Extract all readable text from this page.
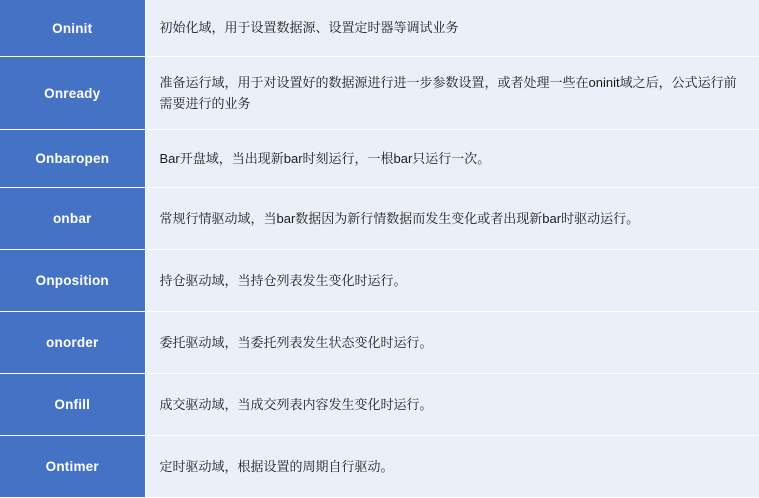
Oninit	初始化域，用于设置数据源、设置定时器等调试业务
Onready	准备运行域，用于对设置好的数据源进行进一步参数设置，或者处理一些在oninit域之后，公式运行前需要进行的业务
Onbaropen	Bar开盘域，当出现新bar时刻运行，一根bar只运行一次。
onbar	常规行情驱动域，当bar数据因为新行情数据而发生变化或者出现新bar时驱动运行。
Onposition	持仓驱动域，当持仓列表发生变化时运行。
onorder	委托驱动域，当委托列表发生状态变化时运行。
Onfill	成交驱动域，当成交列表内容发生变化时运行。
Ontimer	定时驱动域，根据设置的周期自行驱动。
